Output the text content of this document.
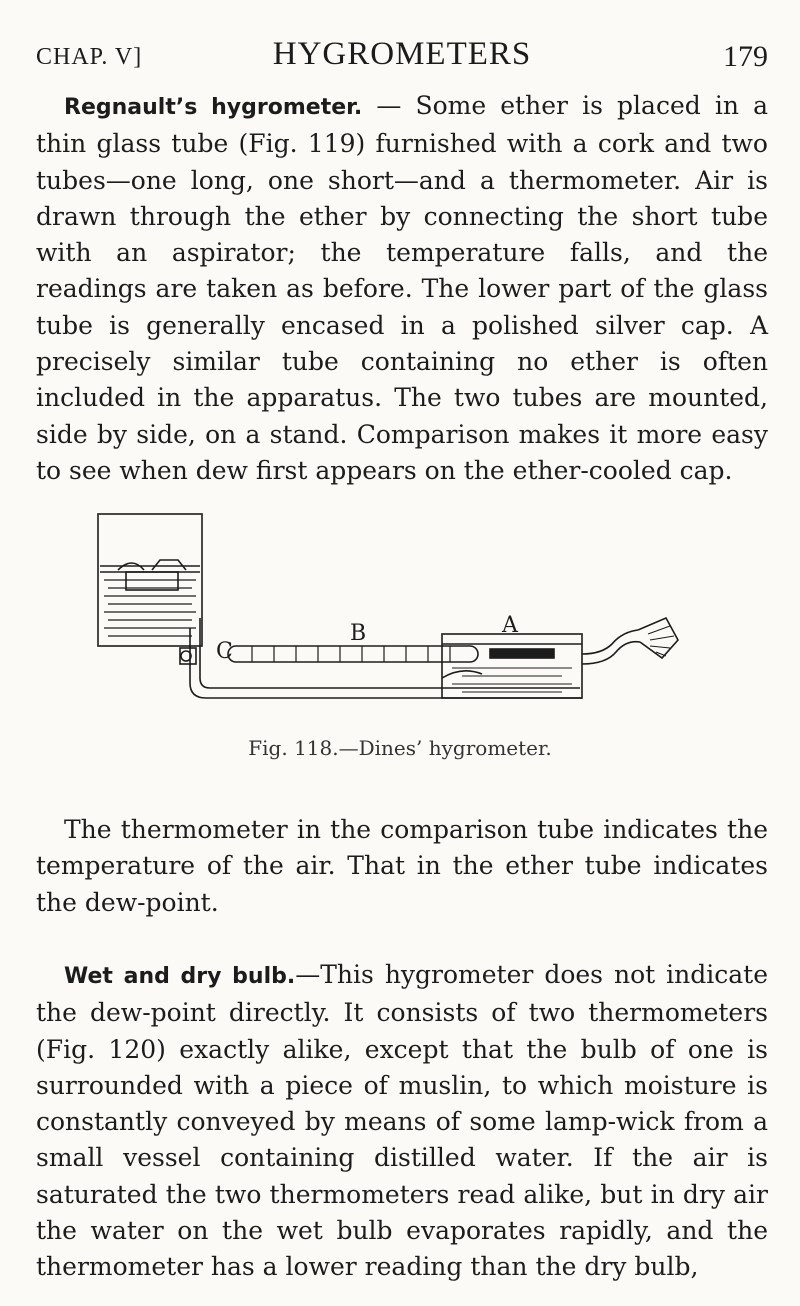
CHAP. V]	HYGROMETERS	179
Regnault’s hygrometer. — Some ether is placed in a thin glass tube (Fig. 119) furnished with a cork and two tubes—one long, one short—and a thermometer. Air is drawn through the ether by connecting the short tube with an aspirator; the temperature falls, and the readings are taken as before. The lower part of the glass tube is generally encased in a polished silver cap. A precisely similar tube containing no ether is often included in the apparatus. The two tubes are mounted, side by side, on a stand. Comparison makes it more easy to see when dew first appears on the ether-cooled cap.
C
B	A
Fig. 118.—Dines’ hygrometer.
The thermometer in the comparison tube indicates the temperature of the air. That in the ether tube indicates the dew-point.
Wet and dry bulb.—This hygrometer does not indicate the dew-point directly. It consists of two thermometers (Fig. 120) exactly alike, except that the bulb of one is surrounded with a piece of muslin, to which moisture is constantly conveyed by means of some lamp-wick from a small vessel containing distilled water. If the air is saturated the two thermometers read alike, but in dry air the water on the wet bulb evaporates rapidly, and the thermometer has a lower reading than the dry bulb,
